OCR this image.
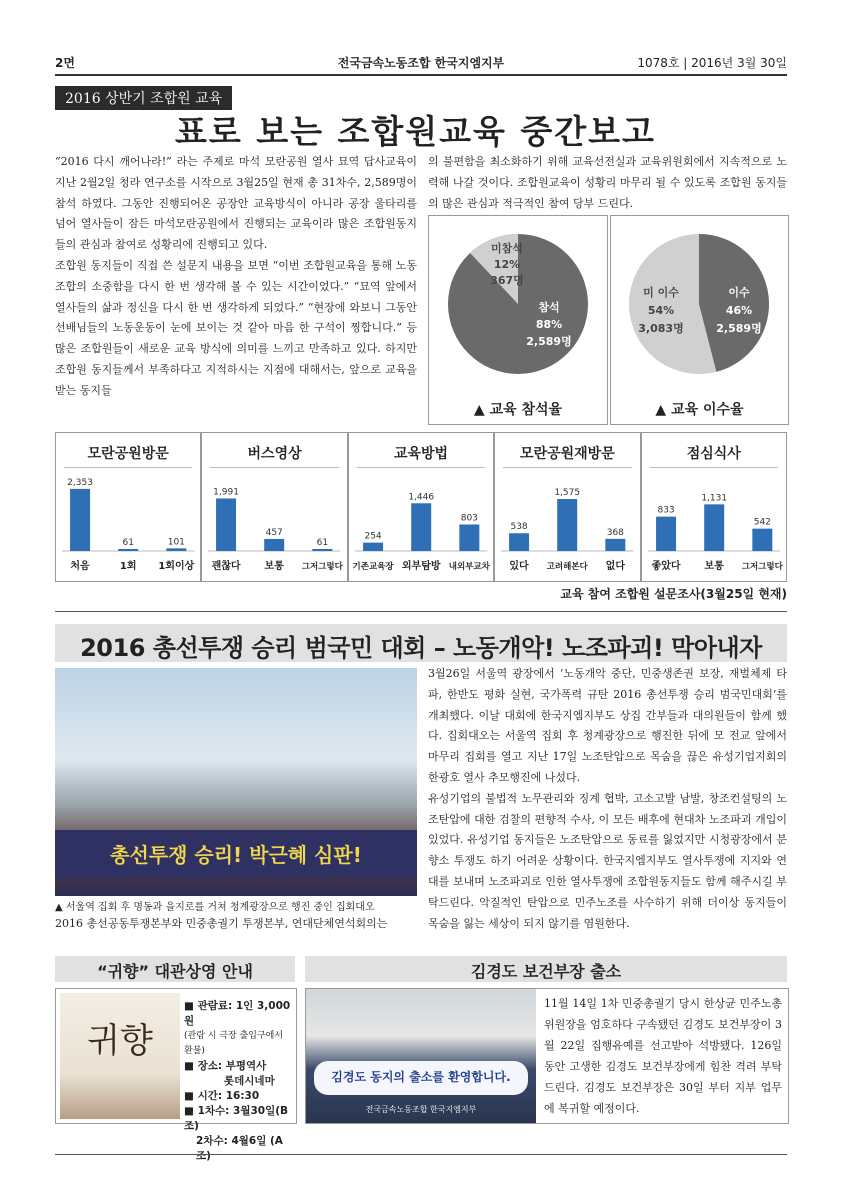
2면	전국금속노동조합 한국지엠지부	1078호 | 2016년 3월 30일
2016 상반기 조합원 교육
표로 보는 조합원교육 중간보고

“2016 다시 깨어나라!” 라는 주제로 마석 모란공원 열사 묘역 답사교육이 지난 2월2일 청라 연구소를 시작으로 3월25일 현재 총 31차수, 2,589명이 참석 하였다. 그동안 진행되어온 공장안 교육방식이 아니라 공장 울타리를 넘어 열사들이 잠든 마석모란공원에서 진행되는 교육이라 많은 조합원동지들의 관심과 참여로 성황리에 진행되고 있다.

조합원 동지들이 직접 쓴 설문지 내용을 보면 “이번 조합원교육을 통해 노동조합의 소중함을 다시 한 번 생각해 볼 수 있는 시간이었다.” “묘역 앞에서 열사들의 삶과 정신을 다시 한 번 생각하게 되었다.” “현장에 와보니 그동안 선배님들의 노동운동이 눈에 보이는 것 같아 마음 한 구석이 찡합니다.” 등 많은 조합원들이 새로운 교육 방식에 의미를 느끼고 만족하고 있다. 하지만 조합원 동지들께서 부족하다고 지적하시는 지점에 대해서는, 앞으로 교육을 받는 동지들

의 불편함을 최소화하기 위해 교육선전실과 교육위원회에서 지속적으로 노력해 나갈 것이다. 조합원교육이 성황리 마무리 될 수 있도록 조합원 동지들의 많은 관심과 적극적인 참여 당부 드린다.
미참석
12%
367명
참석
88%
2,589명
▲ 교육 참석율
미 이수
54%
3,083명
이수
46%
2,589명
▲ 교육 이수율
모란공원방문
2,353
처음
61
1회
101
1회이상
버스영상
1,991
괜찮다
457
보통
61
그저그렇다
교육방법
254
기존교육장
1,446
외부탐방
803
내외부교차
모란공원재방문
538
있다
1,575
고려해본다
368
없다
점심식사
833
좋았다
1,131
보통
542
그저그렇다
교육 참여 조합원 설문조사(3월25일 현재)
2016 총선투쟁 승리 범국민 대회 – 노동개악! 노조파괴! 막아내자
총선투쟁 승리! 박근혜 심판!
▲ 서울역 집회 후 명동과 을지로를 거쳐 청계광장으로 행진 중인 집회대오
2016 총선공동투쟁본부와 민중총궐기 투쟁본부, 연대단체연석회의는

3월26일 서울역 광장에서 ‘노동개악 중단, 민중생존권 보장, 재벌체제 타파, 한반도 평화 실현, 국가폭력 규탄 2016 총선투쟁 승리 범국민대회’를 개최했다. 이날 대회에 한국지엠지부도 상집 간부들과 대의원들이 함께 했다. 집회대오는 서울역 집회 후 청계광장으로 행진한 뒤에 모 전교 앞에서 마무리 집회를 열고 지난 17일 노조탄압으로 목숨을 끊은 유성기업지회의 한광호 열사 추모행진에 나섰다.

유성기업의 불법적 노무관리와 징계 협박, 고소고발 남발, 창조컨설팅의 노조탄압에 대한 검찰의 편향적 수사, 이 모든 배후에 현대차 노조파괴 개입이 있었다. 유성기업 동지들은 노조탄압으로 동료를 잃었지만 시청광장에서 분향소 투쟁도 하기 어려운 상황이다. 한국지엠지부도 열사투쟁에 지지와 연대를 보내며 노조파괴로 인한 열사투쟁에 조합원동지들도 함께 해주시길 부탁드린다. 악질적인 탄압으로 민주노조를 사수하기 위해 더이상 동지들이 목숨을 잃는 세상이 되지 않기를 염원한다.

“귀향” 대관상영 안내
귀향
■ 관람료: 1인 3,000원
(관람 시 극장 출입구에서 환불)
■ 장소: 부평역사
롯데시네마
■ 시간: 16:30
■ 1차수: 3월30일(B조)
2차수: 4월6일 (A조)
김경도 보건부장 출소
김경도 동지의 출소를 환영합니다.
전국금속노동조합 한국지엠지부
11월 14일 1차 민중총궐기 당시 한상균 민주노총 위원장을 엄호하다 구속됐던 김경도 보건부장이 3월 22일 집행유예를 선고받아 석방됐다. 126일 동안 고생한 김경도 보건부장에게 힘찬 격려 부탁드린다. 김경도 보건부장은 30일 부터 지부 업무에 복귀할 예정이다.
